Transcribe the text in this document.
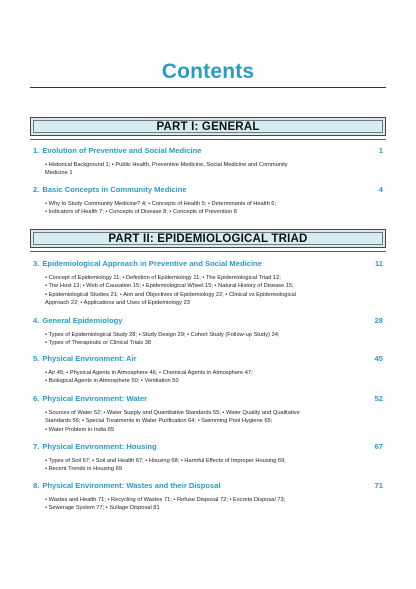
Contents
PART I: GENERAL
PART II: EPIDEMIOLOGICAL TRIAD
1. Evolution of Preventive and Social Medicine	1
• Historical Background 1; • Public Health, Preventive Medicine, Social Medicine and Community
Medicine 1
2. Basic Concepts in Community Medicine	4
• Why to Study Community Medicine? 4; • Concepts of Health 5; • Determinants of Health 6;
• Indicators of Health 7; • Concepts of Disease 8; • Concepts of Prevention 8
3. Epidemiological Approach in Preventive and Social Medicine	11
• Concept of Epidemiology 11; • Definition of Epidemiology 11; • The Epidemiological Triad 12;
• The Host 13; • Web of Causation 15; • Epidemiological Wheel 15; • Natural History of Disease 15;
• Epidemiological Studies 21; • Aim and Objectives of Epidemiology 22; • Clinical vs Epidemiological
Approach 22; • Applications and Uses of Epidemiology 23
4. General Epidemiology	28
• Types of Epidemiological Study 28; • Study Design 29; • Cohort Study (Follow-up Study) 34;
• Types of Therapeutic or Clinical Trials 38
5. Physical Environment: Air	45
• Air 45; • Physical Agents in Atmosphere 46; • Chemical Agents in Atmosphere 47;
• Biological Agents in Atmosphere 50; • Ventilation 50
6. Physical Environment: Water	52
• Sources of Water 52; • Water Supply and Quantitative Standards 55; • Water Quality and Qualitative
Standards 56; • Special Treatments in Water Purification 64; • Swimming Pool Hygiene 65;
• Water Problem in India 65
7. Physical Environment: Housing	67
• Types of Soil 67; • Soil and Health 67; • Housing 68; • Harmful Effects of Improper Housing 69;
• Recent Trends in Housing 69
8. Physical Environment: Wastes and their Disposal	71
• Wastes and Health 71; • Recycling of Wastes 71; • Refuse Disposal 72; • Excreta Disposal 73;
• Sewerage System 77; • Sullage Disposal 81
